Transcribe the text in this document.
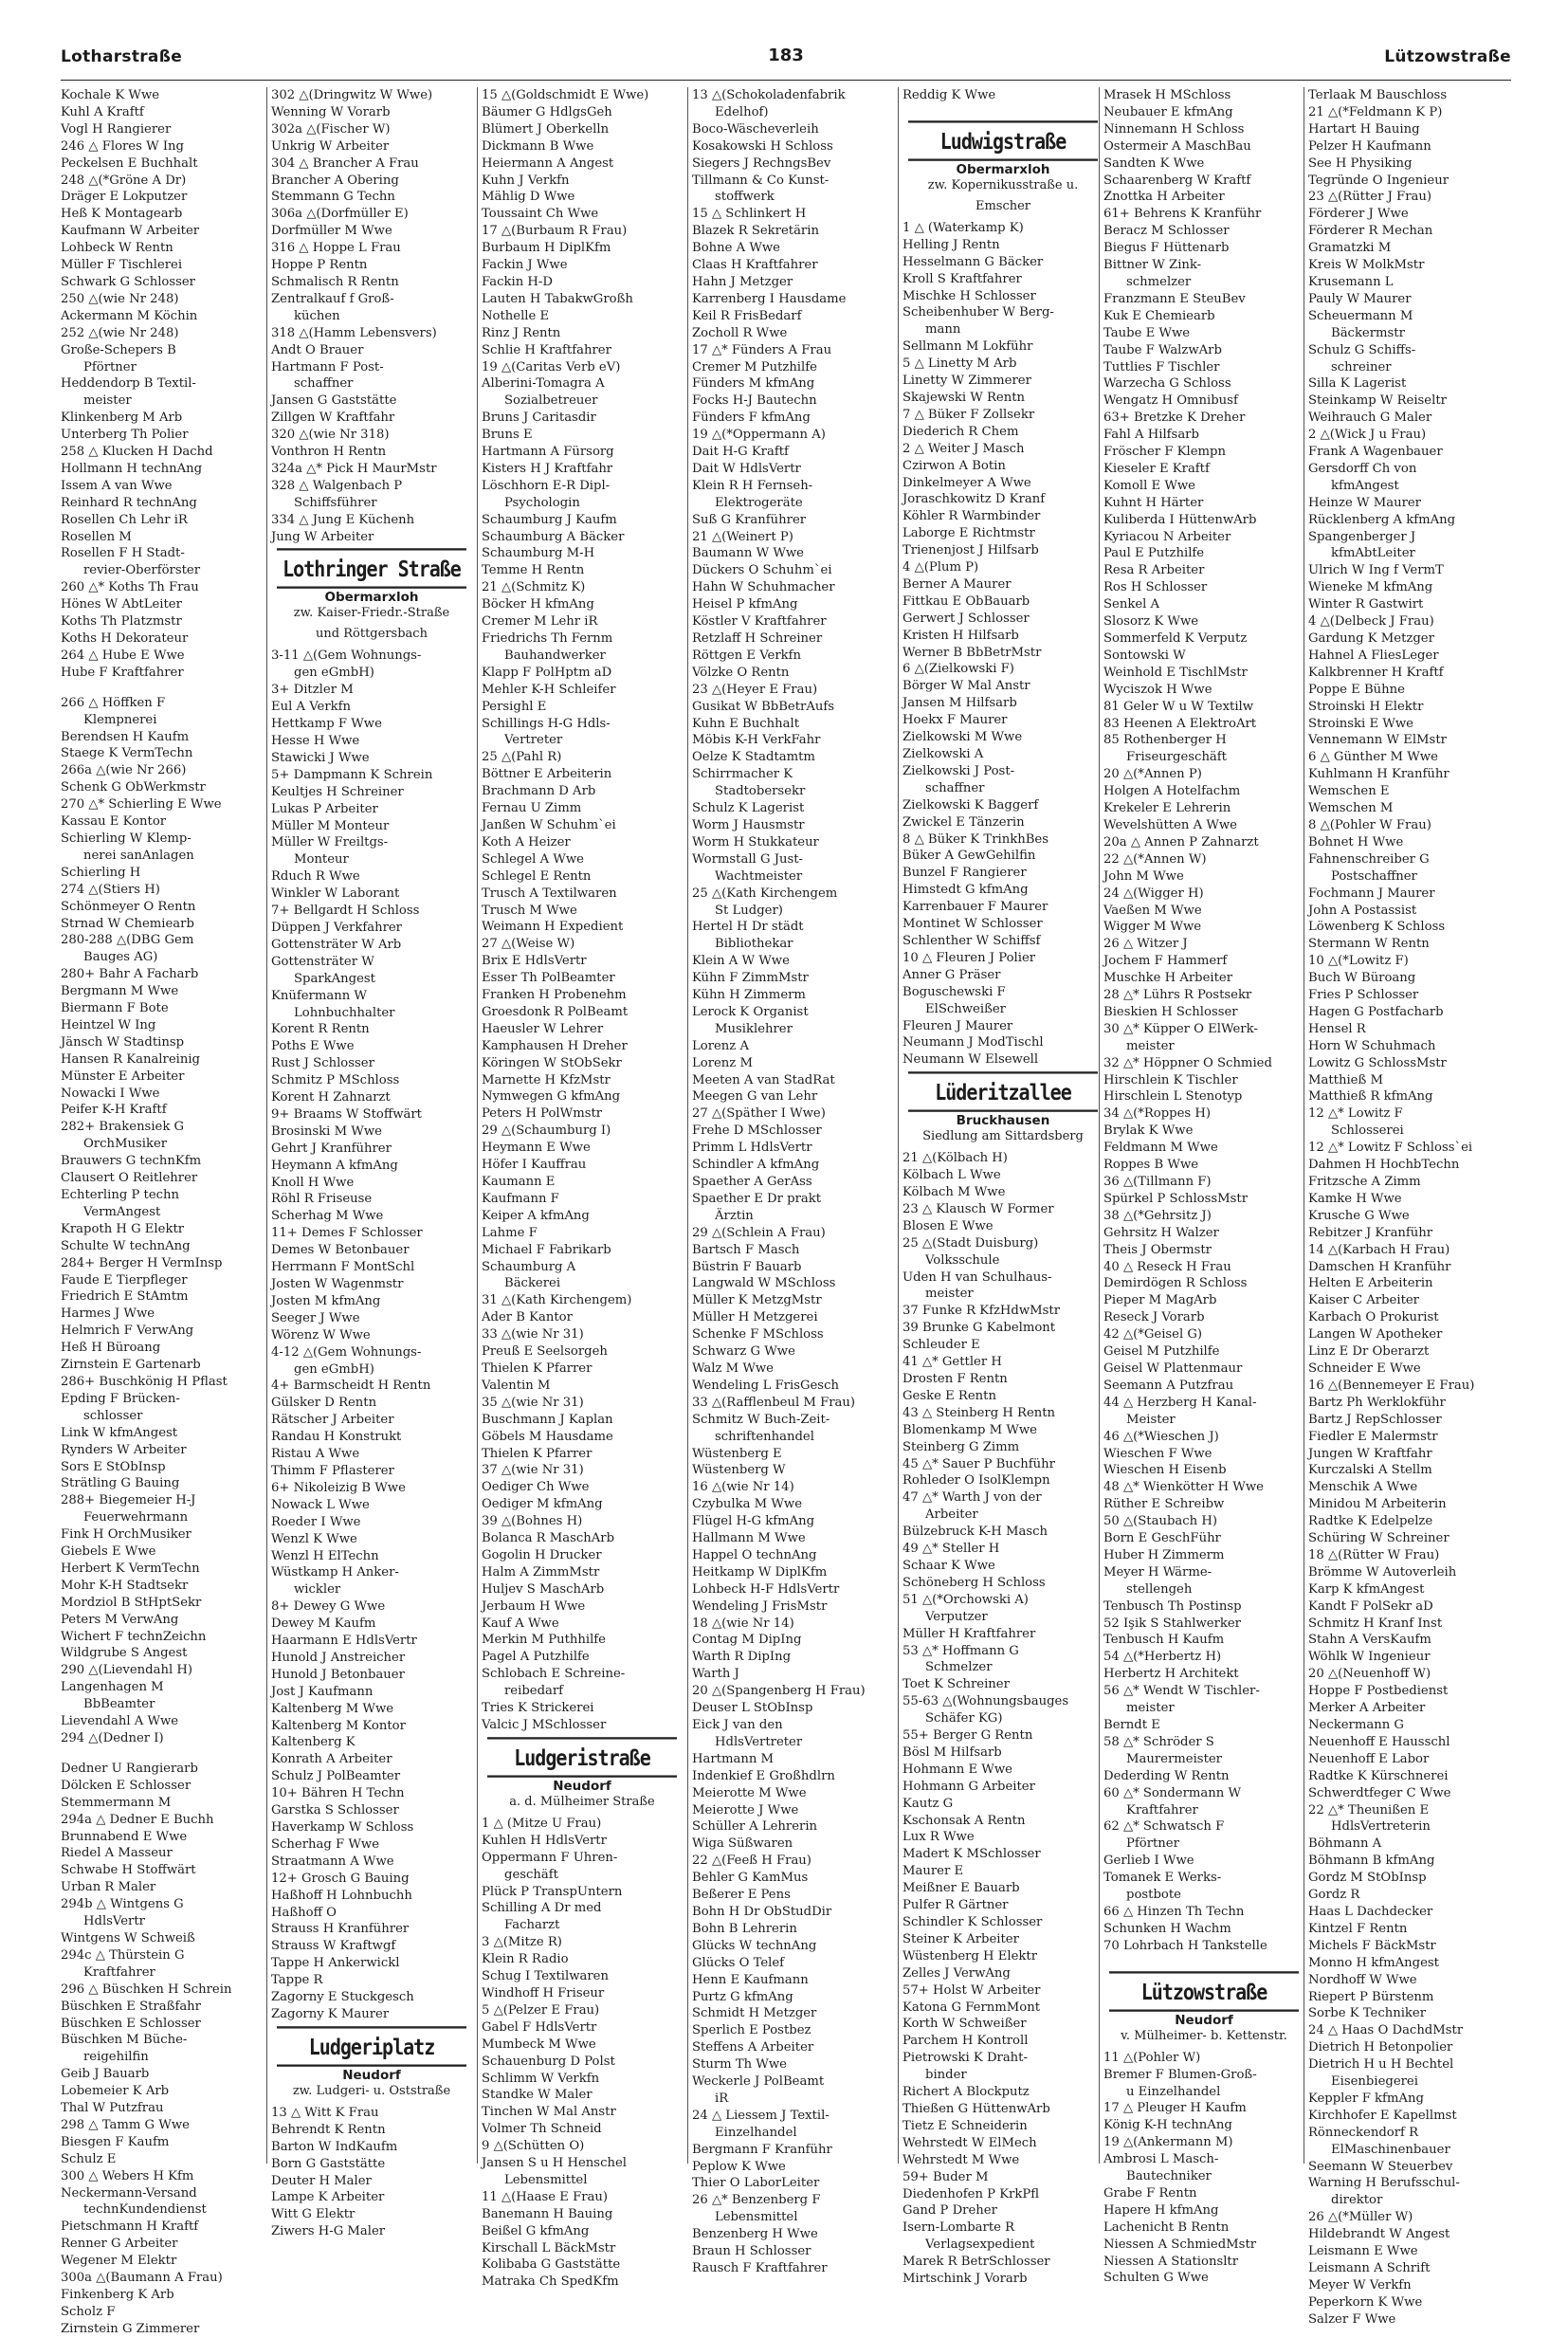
Lotharstraße	183	Lützowstraße
Kochale K Wwe
Kuhl A Kraftf
Vogl H Rangierer
246 △ Flores W Ing
Peckelsen E Buchhalt
248 △(*Gröne A Dr)
Dräger E Lokputzer
Heß K Montagearb
Kaufmann W Arbeiter
Lohbeck W Rentn
Müller F Tischlerei
Schwark G Schlosser
250 △(wie Nr 248)
Ackermann M Köchin
252 △(wie Nr 248)
Große-Schepers B
Pförtner
Heddendorp B Textil-
meister
Klinkenberg M Arb
Unterberg Th Polier
258 △ Klucken H Dachd
Hollmann H technAng
Issem A van Wwe
Reinhard R technAng
Rosellen Ch Lehr iR
Rosellen M
Rosellen F H Stadt-
revier-Oberförster
260 △* Koths Th Frau
Hönes W AbtLeiter
Koths Th Platzmstr
Koths H Dekorateur
264 △ Hube E Wwe
Hube F Kraftfahrer
266 △ Höffken F
Klempnerei
Berendsen H Kaufm
Staege K VermTechn
266a △(wie Nr 266)
Schenk G ObWerkmstr
270 △* Schierling E Wwe
Kassau E Kontor
Schierling W Klemp-
nerei sanAnlagen
Schierling H
274 △(Stiers H)
Schönmeyer O Rentn
Strnad W Chemiearb
280-288 △(DBG Gem
Bauges AG)
280+ Bahr A Facharb
Bergmann M Wwe
Biermann F Bote
Heintzel W Ing
Jänsch W Stadtinsp
Hansen R Kanalreinig
Münster E Arbeiter
Nowacki I Wwe
Peifer K-H Kraftf
282+ Brakensiek G
OrchMusiker
Brauwers G technKfm
Clausert O Reitlehrer
Echterling P techn
VermAngest
Krapoth H G Elektr
Schulte W technAng
284+ Berger H VermInsp
Faude E Tierpfleger
Friedrich E StAmtm
Harmes J Wwe
Helmrich F VerwAng
Heß H Büroang
Zirnstein E Gartenarb
286+ Buschkönig H Pflast
Epding F Brücken-
schlosser
Link W kfmAngest
Rynders W Arbeiter
Sors E StObInsp
Strätling G Bauing
288+ Biegemeier H-J
Feuerwehrmann
Fink H OrchMusiker
Giebels E Wwe
Herbert K VermTechn
Mohr K-H Stadtsekr
Mordziol B StHptSekr
Peters M VerwAng
Wichert F technZeichn
Wildgrube S Angest
290 △(Lievendahl H)
Langenhagen M
BbBeamter
Lievendahl A Wwe
294 △(Dedner I)
Dedner U Rangierarb
Dölcken E Schlosser
Stemmermann M
294a △ Dedner E Buchh
Brunnabend E Wwe
Riedel A Masseur
Schwabe H Stoffwärt
Urban R Maler
294b △ Wintgens G
HdlsVertr
Wintgens W Schweiß
294c △ Thürstein G
Kraftfahrer
296 △ Büschken H Schrein
Büschken E Straßfahr
Büschken E Schlosser
Büschken M Büche-
reigehilfin
Geib J Bauarb
Lobemeier K Arb
Thal W Putzfrau
298 △ Tamm G Wwe
Biesgen F Kaufm
Schulz E
300 △ Webers H Kfm
Neckermann-Versand
technKundendienst
Pietschmann H Kraftf
Renner G Arbeiter
Wegener M Elektr
300a △(Baumann A Frau)
Finkenberg K Arb
Scholz F
Zirnstein G Zimmerer
302 △(Dringwitz W Wwe)
Wenning W Vorarb
302a △(Fischer W)
Unkrig W Arbeiter
304 △ Brancher A Frau
Brancher A Obering
Stemmann G Techn
306a △(Dorfmüller E)
Dorfmüller M Wwe
316 △ Hoppe L Frau
Hoppe P Rentn
Schmalisch R Rentn
Zentralkauf f Groß-
küchen
318 △(Hamm Lebensvers)
Andt O Brauer
Hartmann F Post-
schaffner
Jansen G Gaststätte
Zillgen W Kraftfahr
320 △(wie Nr 318)
Vonthron H Rentn
324a △* Pick H MaurMstr
328 △ Walgenbach P
Schiffsführer
334 △ Jung E Küchenh
Jung W Arbeiter
Lothringer Straße
Obermarxloh
zw. Kaiser-Friedr.-Straße
und Röttgersbach
3-11 △(Gem Wohnungs-
gen eGmbH)
3+ Ditzler M
Eul A Verkfn
Hettkamp F Wwe
Hesse H Wwe
Stawicki J Wwe
5+ Dampmann K Schrein
Keultjes H Schreiner
Lukas P Arbeiter
Müller M Monteur
Müller W Freiltgs-
Monteur
Rduch R Wwe
Winkler W Laborant
7+ Bellgardt H Schloss
Düppen J Verkfahrer
Gottensträter W Arb
Gottensträter W
SparkAngest
Knüfermann W
Lohnbuchhalter
Korent R Rentn
Poths E Wwe
Rust J Schlosser
Schmitz P MSchloss
Korent H Zahnarzt
9+ Braams W Stoffwärt
Brosinski M Wwe
Gehrt J Kranführer
Heymann A kfmAng
Knoll H Wwe
Röhl R Friseuse
Scherhag M Wwe
11+ Demes F Schlosser
Demes W Betonbauer
Herrmann F MontSchl
Josten W Wagenmstr
Josten M kfmAng
Seeger J Wwe
Wörenz W Wwe
4-12 △(Gem Wohnungs-
gen eGmbH)
4+ Barmscheidt H Rentn
Gülsker D Rentn
Rätscher J Arbeiter
Randau H Konstrukt
Ristau A Wwe
Thimm F Pflasterer
6+ Nikoleizig B Wwe
Nowack L Wwe
Roeder I Wwe
Wenzl K Wwe
Wenzl H ElTechn
Wüstkamp H Anker-
wickler
8+ Dewey G Wwe
Dewey M Kaufm
Haarmann E HdlsVertr
Hunold J Anstreicher
Hunold J Betonbauer
Jost J Kaufmann
Kaltenberg M Wwe
Kaltenberg M Kontor
Kaltenberg K
Konrath A Arbeiter
Schulz J PolBeamter
10+ Bähren H Techn
Garstka S Schlosser
Haverkamp W Schloss
Scherhag F Wwe
Straatmann A Wwe
12+ Grosch G Bauing
Haßhoff H Lohnbuchh
Haßhoff O
Strauss H Kranführer
Strauss W Kraftwgf
Tappe H Ankerwickl
Tappe R
Zagorny E Stuckgesch
Zagorny K Maurer
Ludgeriplatz
Neudorf
zw. Ludgeri- u. Oststraße
13 △ Witt K Frau
Behrendt K Rentn
Barton W IndKaufm
Born G Gaststätte
Deuter H Maler
Lampe K Arbeiter
Witt G Elektr
Ziwers H-G Maler
15 △(Goldschmidt E Wwe)
Bäumer G HdlgsGeh
Blümert J Oberkelln
Dickmann B Wwe
Heiermann A Angest
Kuhn J Verkfn
Mählig D Wwe
Toussaint Ch Wwe
17 △(Burbaum R Frau)
Burbaum H DiplKfm
Fackin J Wwe
Fackin H-D
Lauten H TabakwGroßh
Nothelle E
Rinz J Rentn
Schlie H Kraftfahrer
19 △(Caritas Verb eV)
Alberini-Tomagra A
Sozialbetreuer
Bruns J Caritasdir
Bruns E
Hartmann A Fürsorg
Kisters H J Kraftfahr
Löschhorn E-R Dipl-
Psychologin
Schaumburg J Kaufm
Schaumburg A Bäcker
Schaumburg M-H
Temme H Rentn
21 △(Schmitz K)
Böcker H kfmAng
Cremer M Lehr iR
Friedrichs Th Fernm
Bauhandwerker
Klapp F PolHptm aD
Mehler K-H Schleifer
Persighl E
Schillings H-G Hdls-
Vertreter
25 △(Pahl R)
Böttner E Arbeiterin
Brachmann D Arb
Fernau U Zimm
Janßen W Schuhm`ei
Koth A Heizer
Schlegel A Wwe
Schlegel E Rentn
Trusch A Textilwaren
Trusch M Wwe
Weimann H Expedient
27 △(Weise W)
Brix E HdlsVertr
Esser Th PolBeamter
Franken H Probenehm
Groesdonk R PolBeamt
Haeusler W Lehrer
Kamphausen H Dreher
Köringen W StObSekr
Marnette H KfzMstr
Nymwegen G kfmAng
Peters H PolWmstr
29 △(Schaumburg I)
Heymann E Wwe
Höfer I Kauffrau
Kaumann E
Kaufmann F
Keiper A kfmAng
Lahme F
Michael F Fabrikarb
Schaumburg A
Bäckerei
31 △(Kath Kirchengem)
Ader B Kantor
33 △(wie Nr 31)
Preuß E Seelsorgeh
Thielen K Pfarrer
Valentin M
35 △(wie Nr 31)
Buschmann J Kaplan
Göbels M Hausdame
Thielen K Pfarrer
37 △(wie Nr 31)
Oediger Ch Wwe
Oediger M kfmAng
39 △(Bohnes H)
Bolanca R MaschArb
Gogolin H Drucker
Halm A ZimmMstr
Huljev S MaschArb
Jerbaum H Wwe
Kauf A Wwe
Merkin M Puthhilfe
Pagel A Putzhilfe
Schlobach E Schreine-
reibedarf
Tries K Strickerei
Valcic J MSchlosser
Ludgeristraße
Neudorf
a. d. Mülheimer Straße
1 △ (Mitze U Frau)
Kuhlen H HdlsVertr
Oppermann F Uhren-
geschäft
Plück P TranspUntern
Schilling A Dr med
Facharzt
3 △(Mitze R)
Klein R Radio
Schug I Textilwaren
Windhoff H Friseur
5 △(Pelzer E Frau)
Gabel F HdlsVertr
Mumbeck M Wwe
Schauenburg D Polst
Schlimm W Verkfn
Standke W Maler
Tinchen W Mal Anstr
Volmer Th Schneid
9 △(Schütten O)
Jansen S u H Henschel
Lebensmittel
11 △(Haase E Frau)
Banemann H Bauing
Beißel G kfmAng
Kirschall L BäckMstr
Kolibaba G Gaststätte
Matraka Ch SpedKfm
13 △(Schokoladenfabrik
Edelhof)
Boco-Wäscheverleih
Kosakowski H Schloss
Siegers J RechngsBev
Tillmann & Co Kunst-
stoffwerk
15 △ Schlinkert H
Blazek R Sekretärin
Bohne A Wwe
Claas H Kraftfahrer
Hahn J Metzger
Karrenberg I Hausdame
Keil R FrisBedarf
Zocholl R Wwe
17 △* Fünders A Frau
Cremer M Putzhilfe
Fünders M kfmAng
Focks H-J Bautechn
Fünders F kfmAng
19 △(*Oppermann A)
Dait H-G Kraftf
Dait W HdlsVertr
Klein R H Fernseh-
Elektrogeräte
Suß G Kranführer
21 △(Weinert P)
Baumann W Wwe
Dückers O Schuhm`ei
Hahn W Schuhmacher
Heisel P kfmAng
Köstler V Kraftfahrer
Retzlaff H Schreiner
Röttgen E Verkfn
Völzke O Rentn
23 △(Heyer E Frau)
Gusikat W BbBetrAufs
Kuhn E Buchhalt
Möbis K-H VerkFahr
Oelze K Stadtamtm
Schirrmacher K
Stadtobersekr
Schulz K Lagerist
Worm J Hausmstr
Worm H Stukkateur
Wormstall G Just-
Wachtmeister
25 △(Kath Kirchengem
St Ludger)
Hertel H Dr städt
Bibliothekar
Klein A W Wwe
Kühn F ZimmMstr
Kühn H Zimmerm
Lerock K Organist
Musiklehrer
Lorenz A
Lorenz M
Meeten A van StadRat
Meegen G van Lehr
27 △(Späther I Wwe)
Frehe D MSchlosser
Primm L HdlsVertr
Schindler A kfmAng
Spaether A GerAss
Spaether E Dr prakt
Ärztin
29 △(Schlein A Frau)
Bartsch F Masch
Büstrin F Bauarb
Langwald W MSchloss
Müller K MetzgMstr
Müller H Metzgerei
Schenke F MSchloss
Schwarz G Wwe
Walz M Wwe
Wendeling L FrisGesch
33 △(Rafflenbeul M Frau)
Schmitz W Buch-Zeit-
schriftenhandel
Wüstenberg E
Wüstenberg W
16 △(wie Nr 14)
Czybulka M Wwe
Flügel H-G kfmAng
Hallmann M Wwe
Happel O technAng
Heitkamp W DiplKfm
Lohbeck H-F HdlsVertr
Wendeling J FrisMstr
18 △(wie Nr 14)
Contag M DipIng
Warth R DipIng
Warth J
20 △(Spangenberg H Frau)
Deuser L StObInsp
Eick J van den
HdlsVertreter
Hartmann M
Indenkief E Großhdlrn
Meierotte M Wwe
Meierotte J Wwe
Schüller A Lehrerin
Wiga Süßwaren
22 △(Feeß H Frau)
Behler G KamMus
Beßerer E Pens
Bohn H Dr ObStudDir
Bohn B Lehrerin
Glücks W technAng
Glücks O Telef
Henn E Kaufmann
Purtz G kfmAng
Schmidt H Metzger
Sperlich E Postbez
Steffens A Arbeiter
Sturm Th Wwe
Weckerle J PolBeamt
iR
24 △ Liessem J Textil-
Einzelhandel
Bergmann F Kranführ
Peplow K Wwe
Thier O LaborLeiter
26 △* Benzenberg F
Lebensmittel
Benzenberg H Wwe
Braun H Schlosser
Rausch F Kraftfahrer
Reddig K Wwe
Ludwigstraße
Obermarxloh
zw. Kopernikusstraße u.
Emscher
1 △ (Waterkamp K)
Helling J Rentn
Hesselmann G Bäcker
Kroll S Kraftfahrer
Mischke H Schlosser
Scheibenhuber W Berg-
mann
Sellmann M Lokführ
5 △ Linetty M Arb
Linetty W Zimmerer
Skajewski W Rentn
7 △ Büker F Zollsekr
Diederich R Chem
2 △ Weiter J Masch
Czirwon A Botin
Dinkelmeyer A Wwe
Joraschkowitz D Kranf
Köhler R Warmbinder
Laborge E Richtmstr
Trienenjost J Hilfsarb
4 △(Plum P)
Berner A Maurer
Fittkau E ObBauarb
Gerwert J Schlosser
Kristen H Hilfsarb
Werner B BbBetrMstr
6 △(Zielkowski F)
Börger W Mal Anstr
Jansen M Hilfsarb
Hoekx F Maurer
Zielkowski M Wwe
Zielkowski A
Zielkowski J Post-
schaffner
Zielkowski K Baggerf
Zwickel E Tänzerin
8 △ Büker K TrinkhBes
Büker A GewGehilfin
Bunzel F Rangierer
Himstedt G kfmAng
Karrenbauer F Maurer
Montinet W Schlosser
Schlenther W Schiffsf
10 △ Fleuren J Polier
Anner G Präser
Boguschewski F
ElSchweißer
Fleuren J Maurer
Neumann J ModTischl
Neumann W Elsewell
Lüderitzallee
Bruckhausen
Siedlung am Sittardsberg
21 △(Kölbach H)
Kölbach L Wwe
Kölbach M Wwe
23 △ Klausch W Former
Blosen E Wwe
25 △(Stadt Duisburg)
Volksschule
Uden H van Schulhaus-
meister
37 Funke R KfzHdwMstr
39 Brunke G Kabelmont
Schleuder E
41 △* Gettler H
Drosten F Rentn
Geske E Rentn
43 △ Steinberg H Rentn
Blomenkamp M Wwe
Steinberg G Zimm
45 △* Sauer P Buchführ
Rohleder O IsolKlempn
47 △* Warth J von der
Arbeiter
Bülzebruck K-H Masch
49 △* Steller H
Schaar K Wwe
Schöneberg H Schloss
51 △(*Orchowski A)
Verputzer
Müller H Kraftfahrer
53 △* Hoffmann G
Schmelzer
Toet K Schreiner
55-63 △(Wohnungsbauges
Schäfer KG)
55+ Berger G Rentn
Bösl M Hilfsarb
Hohmann E Wwe
Hohmann G Arbeiter
Kautz G
Kschonsak A Rentn
Lux R Wwe
Madert K MSchlosser
Maurer E
Meißner E Bauarb
Pulfer R Gärtner
Schindler K Schlosser
Steiner K Arbeiter
Wüstenberg H Elektr
Zelles J VerwAng
57+ Holst W Arbeiter
Katona G FernmMont
Korth W Schweißer
Parchem H Kontroll
Pietrowski K Draht-
binder
Richert A Blockputz
Thießen G HüttenwArb
Tietz E Schneiderin
Wehrstedt W ElMech
Wehrstedt M Wwe
59+ Buder M
Diedenhofen P KrkPfl
Gand P Dreher
Isern-Lombarte R
Verlagsexpedient
Marek R BetrSchlosser
Mirtschink J Vorarb
Mrasek H MSchloss
Neubauer E kfmAng
Ninnemann H Schloss
Ostermeir A MaschBau
Sandten K Wwe
Schaarenberg W Kraftf
Znottka H Arbeiter
61+ Behrens K Kranführ
Beracz M Schlosser
Biegus F Hüttenarb
Bittner W Zink-
schmelzer
Franzmann E SteuBev
Kuk E Chemiearb
Taube E Wwe
Taube F WalzwArb
Tuttlies F Tischler
Warzecha G Schloss
Wengatz H Omnibusf
63+ Bretzke K Dreher
Fahl A Hilfsarb
Fröscher F Klempn
Kieseler E Kraftf
Komoll E Wwe
Kuhnt H Härter
Kuliberda I HüttenwArb
Kyriacou N Arbeiter
Paul E Putzhilfe
Resa R Arbeiter
Ros H Schlosser
Senkel A
Slosorz K Wwe
Sommerfeld K Verputz
Sontowski W
Weinhold E TischlMstr
Wyciszok H Wwe
81 Geler W u W Textilw
83 Heenen A ElektroArt
85 Rothenberger H
Friseurgeschäft
20 △(*Annen P)
Holgen A Hotelfachm
Krekeler E Lehrerin
Wevelshütten A Wwe
20a △ Annen P Zahnarzt
22 △(*Annen W)
John M Wwe
24 △(Wigger H)
Vaeßen M Wwe
Wigger M Wwe
26 △ Witzer J
Jochem F Hammerf
Muschke H Arbeiter
28 △* Lührs R Postsekr
Bieskien H Schlosser
30 △* Küpper O ElWerk-
meister
32 △* Höppner O Schmied
Hirschlein K Tischler
Hirschlein L Stenotyp
34 △(*Roppes H)
Brylak K Wwe
Feldmann M Wwe
Roppes B Wwe
36 △(Tillmann F)
Spürkel P SchlossMstr
38 △(*Gehrsitz J)
Gehrsitz H Walzer
Theis J Obermstr
40 △ Reseck H Frau
Demirdögen R Schloss
Pieper M MagArb
Reseck J Vorarb
42 △(*Geisel G)
Geisel M Putzhilfe
Geisel W Plattenmaur
Seemann A Putzfrau
44 △ Herzberg H Kanal-
Meister
46 △(*Wieschen J)
Wieschen F Wwe
Wieschen H Eisenb
48 △* Wienkötter H Wwe
Rüther E Schreibw
50 △(Staubach H)
Born E GeschFühr
Huber H Zimmerm
Meyer H Wärme-
stellengeh
Tenbusch Th Postinsp
52 Işik S Stahlwerker
Tenbusch H Kaufm
54 △(*Herbertz H)
Herbertz H Architekt
56 △* Wendt W Tischler-
meister
Berndt E
58 △* Schröder S
Maurermeister
Dederding W Rentn
60 △* Sondermann W
Kraftfahrer
62 △* Schwatsch F
Pförtner
Gerlieb I Wwe
Tomanek E Werks-
postbote
66 △ Hinzen Th Techn
Schunken H Wachm
70 Lohrbach H Tankstelle
Lützowstraße
Neudorf
v. Mülheimer- b. Kettenstr.
11 △(Pohler W)
Bremer F Blumen-Groß-
u Einzelhandel
17 △ Pleuger H Kaufm
König K-H technAng
19 △(Ankermann M)
Ambrosi L Masch-
Bautechniker
Grabe F Rentn
Hapere H kfmAng
Lachenicht B Rentn
Niessen A SchmiedMstr
Niessen A Stationsltr
Schulten G Wwe
Terlaak M Bauschloss
21 △(*Feldmann K P)
Hartart H Bauing
Pelzer H Kaufmann
See H Physiking
Tegründe O Ingenieur
23 △(Rütter J Frau)
Förderer J Wwe
Förderer R Mechan
Gramatzki M
Kreis W MolkMstr
Krusemann L
Pauly W Maurer
Scheuermann M
Bäckermstr
Schulz G Schiffs-
schreiner
Silla K Lagerist
Steinkamp W Reiseltr
Weihrauch G Maler
2 △(Wick J u Frau)
Frank A Wagenbauer
Gersdorff Ch von
kfmAngest
Heinze W Maurer
Rücklenberg A kfmAng
Spangenberger J
kfmAbtLeiter
Ulrich W Ing f VermT
Wieneke M kfmAng
Winter R Gastwirt
4 △(Delbeck J Frau)
Gardung K Metzger
Hahnel A FliesLeger
Kalkbrenner H Kraftf
Poppe E Bühne
Stroinski H Elektr
Stroinski E Wwe
Vennemann W ElMstr
6 △ Günther M Wwe
Kuhlmann H Kranführ
Wemschen E
Wemschen M
8 △(Pohler W Frau)
Bohnet H Wwe
Fahnenschreiber G
Postschaffner
Fochmann J Maurer
John A Postassist
Löwenberg K Schloss
Stermann W Rentn
10 △(*Lowitz F)
Buch W Büroang
Fries P Schlosser
Hagen G Postfacharb
Hensel R
Horn W Schuhmach
Lowitz G SchlossMstr
Matthieß M
Matthieß R kfmAng
12 △* Lowitz F
Schlosserei
12 △* Lowitz F Schloss`ei
Dahmen H HochbTechn
Fritzsche A Zimm
Kamke H Wwe
Krusche G Wwe
Rebitzer J Kranführ
14 △(Karbach H Frau)
Damschen H Kranführ
Helten E Arbeiterin
Kaiser C Arbeiter
Karbach O Prokurist
Langen W Apotheker
Linz E Dr Oberarzt
Schneider E Wwe
16 △(Bennemeyer E Frau)
Bartz Ph Werklokführ
Bartz J RepSchlosser
Fiedler E Malermstr
Jungen W Kraftfahr
Kurczalski A Stellm
Menschik A Wwe
Minidou M Arbeiterin
Radtke K Edelpelze
Schüring W Schreiner
18 △(Rütter W Frau)
Brömme W Autoverleih
Karp K kfmAngest
Kandt F PolSekr aD
Schmitz H Kranf Inst
Stahn A VersKaufm
Wöhlk W Ingenieur
20 △(Neuenhoff W)
Hoppe F Postbedienst
Merker A Arbeiter
Neckermann G
Neuenhoff E Hausschl
Neuenhoff E Labor
Radtke K Kürschnerei
Schwerdtfeger C Wwe
22 △* Theunißen E
HdlsVertreterin
Böhmann A
Böhmann B kfmAng
Gordz M StObInsp
Gordz R
Haas L Dachdecker
Kintzel F Rentn
Michels F BäckMstr
Monno H kfmAngest
Nordhoff W Wwe
Riepert P Bürstenm
Sorbe K Techniker
24 △ Haas O DachdMstr
Dietrich H Betonpolier
Dietrich H u H Bechtel
Eisenbiegerei
Keppler F kfmAng
Kirchhofer E Kapellmst
Rönneckendorf R
ElMaschinenbauer
Seemann W Steuerbev
Warning H Berufsschul-
direktor
26 △(*Müller W)
Hildebrandt W Angest
Leismann E Wwe
Leismann A Schrift
Meyer W Verkfn
Peperkorn K Wwe
Salzer F Wwe
